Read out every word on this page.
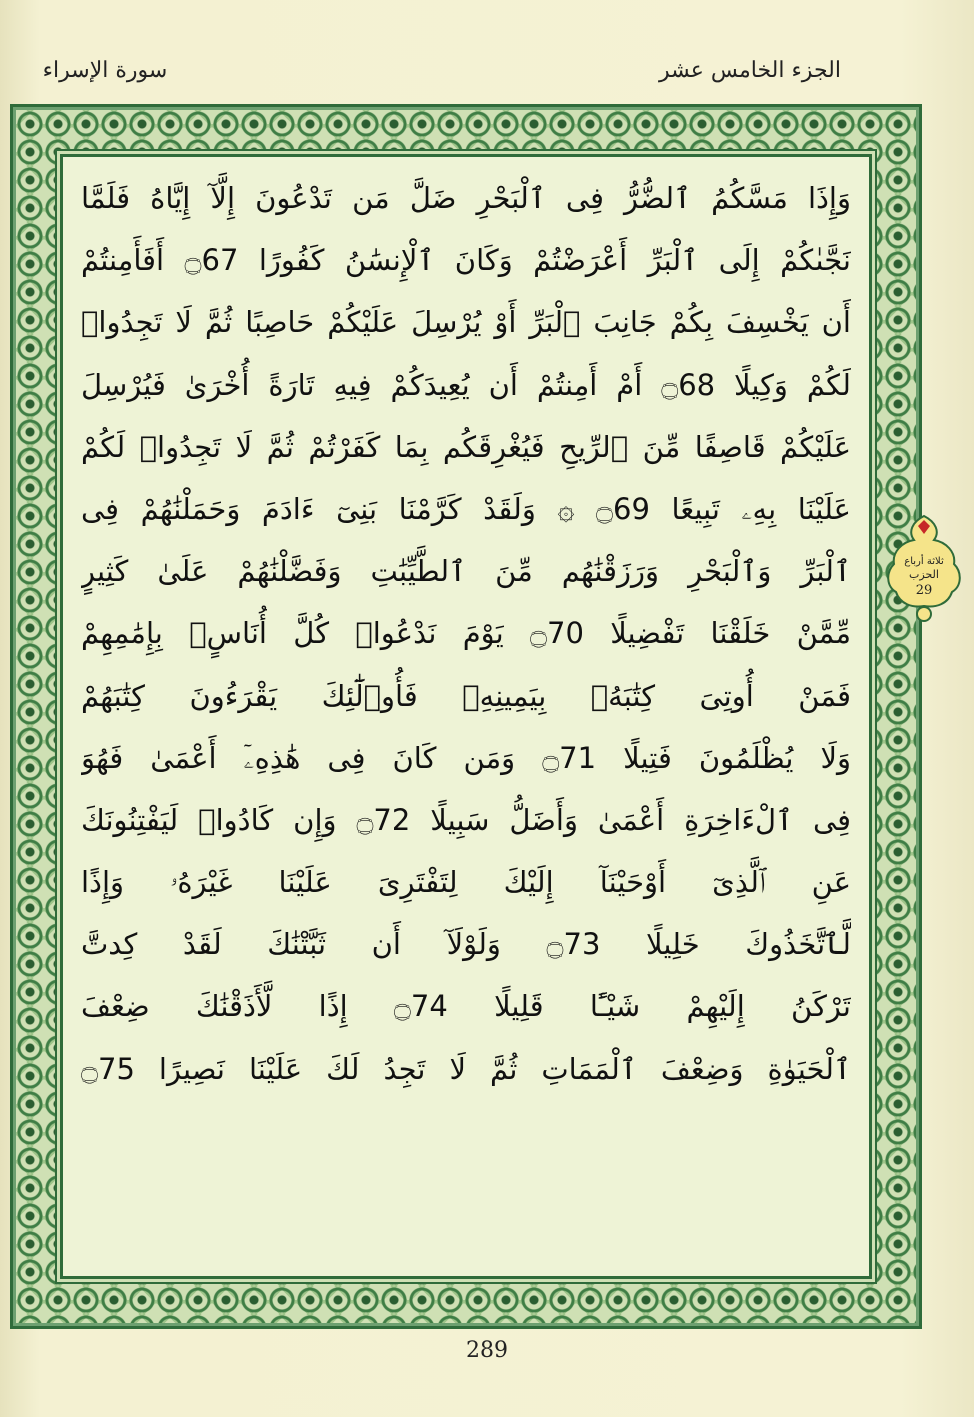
الجزء الخامس عشر
سورة الإسراء
وَإِذَا مَسَّكُمُ ٱلضُّرُّ فِى ٱلْبَحْرِ ضَلَّ مَن تَدْعُونَ إِلَّآ إِيَّاهُ فَلَمَّا
نَجَّىٰكُمْ إِلَى ٱلْبَرِّ أَعْرَضْتُمْ وَكَانَ ٱلْإِنسَٰنُ كَفُورًا ۝67 أَفَأَمِنتُمْ
أَن يَخْسِفَ بِكُمْ جَانِبَ ٱلْبَرِّ أَوْ يُرْسِلَ عَلَيْكُمْ حَاصِبًا ثُمَّ لَا تَجِدُوا۟
لَكُمْ وَكِيلًا ۝68 أَمْ أَمِنتُمْ أَن يُعِيدَكُمْ فِيهِ تَارَةً أُخْرَىٰ فَيُرْسِلَ
عَلَيْكُمْ قَاصِفًا مِّنَ ٱلرِّيحِ فَيُغْرِقَكُم بِمَا كَفَرْتُمْ ثُمَّ لَا تَجِدُوا۟ لَكُمْ
عَلَيْنَا بِهِۦ تَبِيعًا ۝69 ۞ وَلَقَدْ كَرَّمْنَا بَنِىٓ ءَادَمَ وَحَمَلْنَٰهُمْ فِى
ٱلْبَرِّ وَٱلْبَحْرِ وَرَزَقْنَٰهُم مِّنَ ٱلطَّيِّبَٰتِ وَفَضَّلْنَٰهُمْ عَلَىٰ كَثِيرٍ
مِّمَّنْ خَلَقْنَا تَفْضِيلًا ۝70 يَوْمَ نَدْعُوا۟ كُلَّ أُنَاسٍۭ بِإِمَٰمِهِمْ
فَمَنْ أُوتِىَ كِتَٰبَهُۥ بِيَمِينِهِۦ فَأُو۟لَٰٓئِكَ يَقْرَءُونَ كِتَٰبَهُمْ
وَلَا يُظْلَمُونَ فَتِيلًا ۝71 وَمَن كَانَ فِى هَٰذِهِۦٓ أَعْمَىٰ فَهُوَ
فِى ٱلْءَاخِرَةِ أَعْمَىٰ وَأَضَلُّ سَبِيلًا ۝72 وَإِن كَادُوا۟ لَيَفْتِنُونَكَ
عَنِ ٱلَّذِىٓ أَوْحَيْنَآ إِلَيْكَ لِتَفْتَرِىَ عَلَيْنَا غَيْرَهُۥ وَإِذًا
لَّٱتَّخَذُوكَ خَلِيلًا ۝73 وَلَوْلَآ أَن ثَبَّتْنَٰكَ لَقَدْ كِدتَّ
تَرْكَنُ إِلَيْهِمْ شَيْـًٔا قَلِيلًا ۝74 إِذًا لَّأَذَقْنَٰكَ ضِعْفَ
ٱلْحَيَوٰةِ وَضِعْفَ ٱلْمَمَاتِ ثُمَّ لَا تَجِدُ لَكَ عَلَيْنَا نَصِيرًا ۝75
ثلاثة أرباع
الحزب
29
289
